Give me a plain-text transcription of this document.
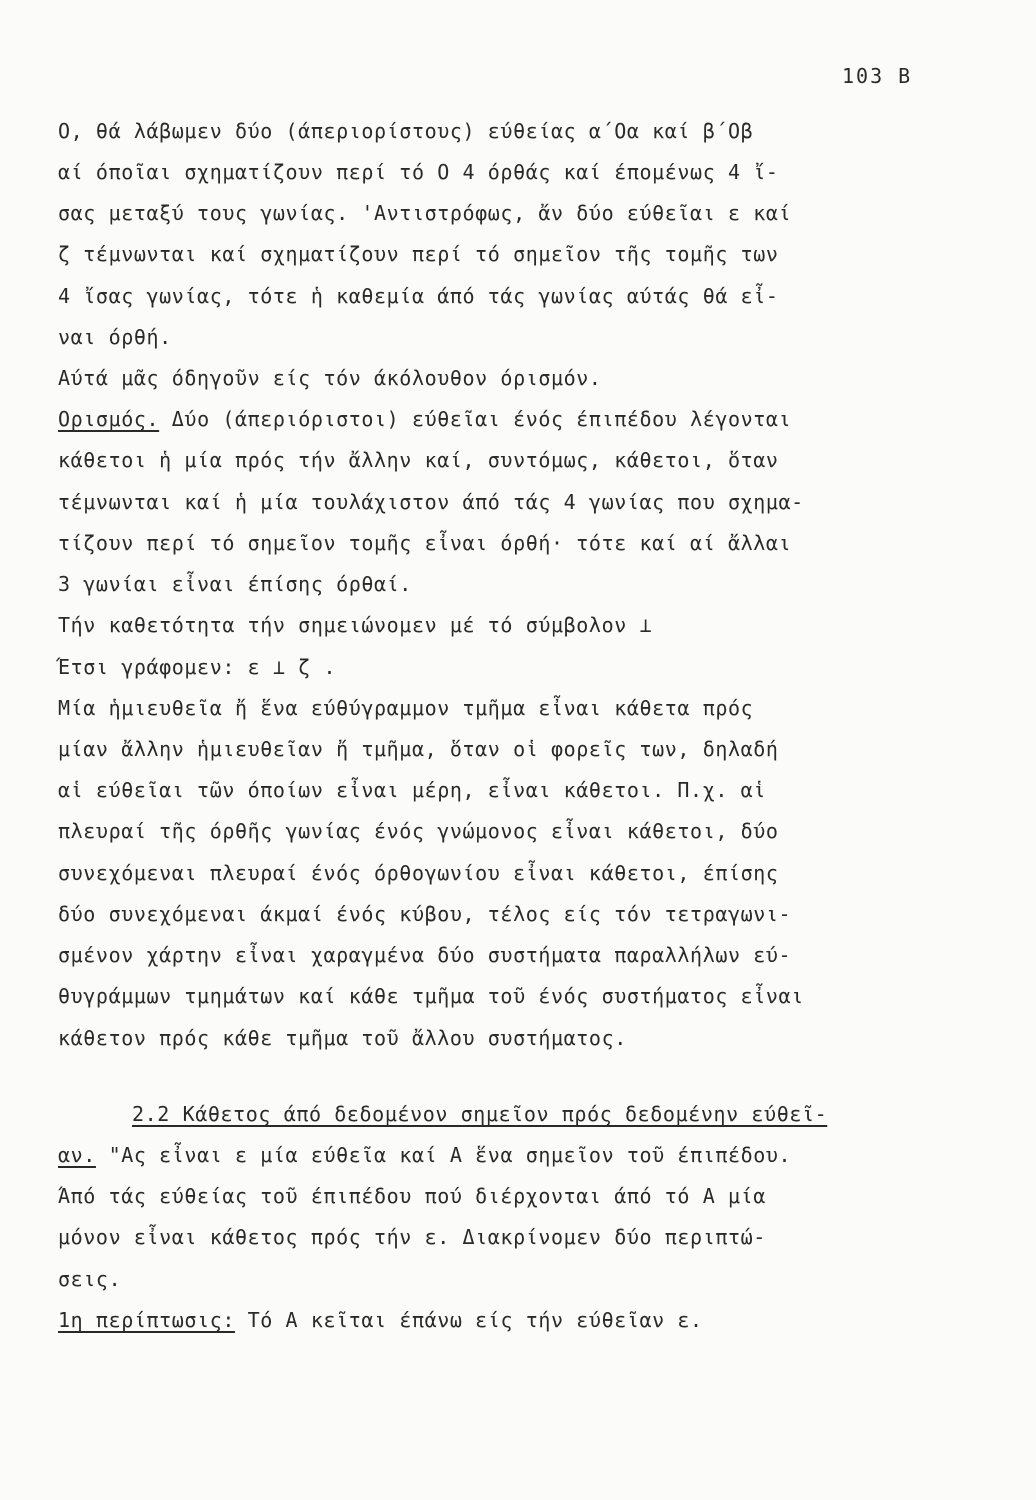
103 B
Ο, θά λάβωμεν δύο (άπεριορίστους) εύθείας α΄Οα καί β΄Οβ
αί όποῖαι σχηματίζουν περί τό Ο 4 όρθάς καί έπομένως 4 ἴ-
σας μεταξύ τους γωνίας. 'Αντιστρόφως, ἄν δύο εύθεῖαι ε καί
ζ τέμνωνται καί σχηματίζουν περί τό σημεῖον τῆς τομῆς των
4 ἴσας γωνίας, τότε ἡ καθεμία άπό τάς γωνίας αύτάς θά εἶ-
ναι όρθή.
Αύτά μᾶς όδηγοῦν είς τόν άκόλουθον όρισμόν.
Ορισμός. Δύο (άπεριόριστοι) εύθεῖαι ένός έπιπέδου λέγονται
κάθετοι ἡ μία πρός τήν ἄλλην καί, συντόμως, κάθετοι, ὅταν
τέμνωνται καί ἡ μία τουλάχιστον άπό τάς 4 γωνίας που σχημα-
τίζουν περί τό σημεῖον τομῆς εἶναι όρθή· τότε καί αί ἄλλαι
3 γωνίαι εἶναι έπίσης όρθαί.
Τήν καθετότητα τήν σημειώνομεν μέ τό σύμβολον ⊥
Έτσι γράφομεν: ε ⊥ ζ .
Μία ἡμιευθεῖα ἤ ἕνα εύθύγραμμον τμῆμα εἶναι κάθετα πρός
μίαν ἄλλην ἡμιευθεῖαν ἤ τμῆμα, ὅταν οἱ φορεῖς των, δηλαδή
αἱ εύθεῖαι τῶν όποίων εἶναι μέρη, εἶναι κάθετοι. Π.χ. αἱ
πλευραί τῆς όρθῆς γωνίας ένός γνώμονος εἶναι κάθετοι, δύο
συνεχόμεναι πλευραί ένός όρθογωνίου εἶναι κάθετοι, έπίσης
δύο συνεχόμεναι άκμαί ένός κύβου, τέλος είς τόν τετραγωνι-
σμένον χάρτην εἶναι χαραγμένα δύο συστήματα παραλλήλων εύ-
θυγράμμων τμημάτων καί κάθε τμῆμα τοῦ ένός συστήματος εἶναι
κάθετον πρός κάθε τμῆμα τοῦ ἄλλου συστήματος.
2.2 Κάθετος άπό δεδομένον σημεῖον πρός δεδομένην εύθεῖ-
αν. "Ας εἶναι ε μία εύθεῖα καί Α ἕνα σημεῖον τοῦ έπιπέδου.
Άπό τάς εύθείας τοῦ έπιπέδου πού διέρχονται άπό τό Α μία
μόνον εἶναι κάθετος πρός τήν ε. Διακρίνομεν δύο περιπτώ-
σεις.
1η περίπτωσις: Τό Α κεῖται έπάνω είς τήν εύθεῖαν ε.
